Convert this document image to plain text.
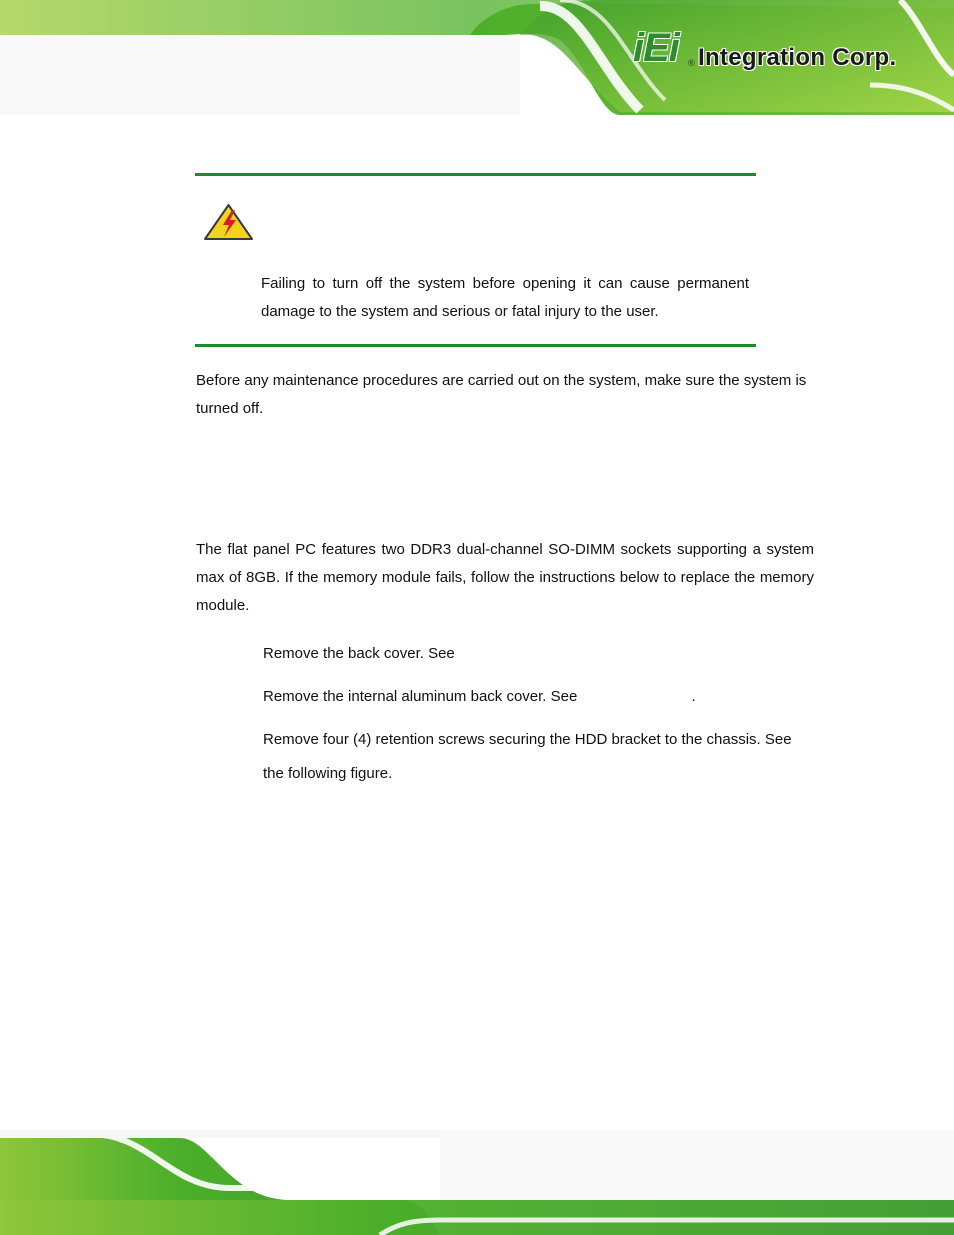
iEi ® Integration Corp.
Failing to turn off the system before opening it can cause permanent damage to the system and serious or fatal injury to the user.
Before any maintenance procedures are carried out on the system, make sure the system is turned off.
The flat panel PC features two DDR3 dual-channel SO-DIMM sockets supporting a system max of 8GB. If the memory module fails, follow the instructions below to replace the memory module.
Remove the back cover. See
Remove the internal aluminum back cover. See	.
Remove four (4) retention screws securing the HDD bracket to the chassis. See
the following figure.
